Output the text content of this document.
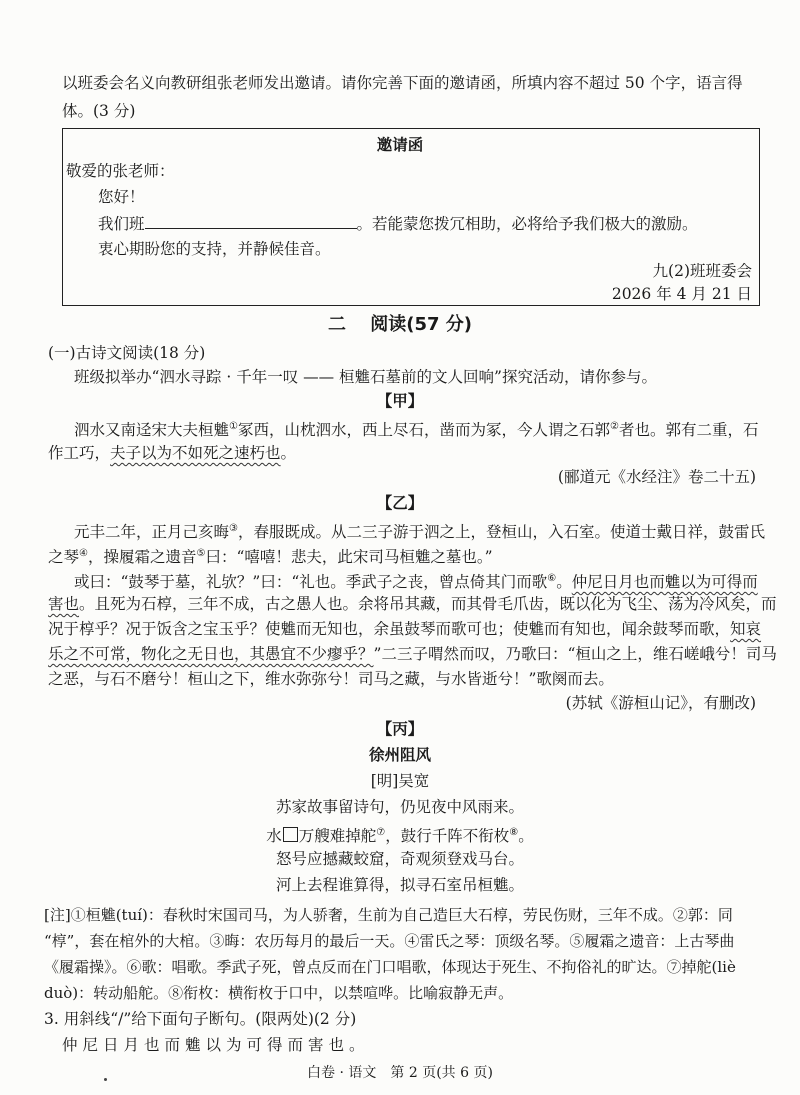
以班委会名义向教研组张老师发出邀请。请你完善下面的邀请函，所填内容不超过 50 个字，语言得
体。(3 分)
邀请函
敬爱的张老师：
您好！
我们班	。若能蒙您拨冗相助，必将给予我们极大的激励。
衷心期盼您的支持，并静候佳音。
九(2)班班委会
2026 年 4 月 21 日
二　 阅读(57 分)
(一)古诗文阅读(18 分)
班级拟举办“泗水寻踪 · 千年一叹 —— 桓魋石墓前的文人回响”探究活动，请你参与。
【甲】
泗水又南迳宋大夫桓魋①冢西，山枕泗水，西上尽石，凿而为冢，今人谓之石郭②者也。郭有二重，石
作工巧，夫子以为不如死之速朽也。
(郦道元《水经注》卷二十五)
【乙】
元丰二年，正月己亥晦③，春服既成。从二三子游于泗之上，登桓山，入石室。使道士戴日祥，鼓雷氏
之琴④，操履霜之遗音⑤曰：“嘻嘻！悲夫，此宋司马桓魋之墓也。”
或曰：“鼓琴于墓，礼欤？”曰：“礼也。季武子之丧，曾点倚其门而歌⑥。仲尼日月也而魋以为可得而
害也。且死为石椁，三年不成，古之愚人也。余将吊其藏，而其骨毛爪齿，既以化为飞尘、荡为冷风矣，而
况于椁乎？况于饭含之宝玉乎？使魋而无知也，余虽鼓琴而歌可也；使魋而有知也，闻余鼓琴而歌，知哀
乐之不可常，物化之无日也，其愚宜不少瘳乎？”二三子喟然而叹，乃歌曰：“桓山之上，维石嵯峨兮！司马
之恶，与石不磨兮！桓山之下，维水弥弥兮！司马之藏，与水皆逝兮！”歌阕而去。
(苏轼《游桓山记》，有删改)
【丙】
徐州阻风
[明]吴宽
苏家故事留诗句，仍见夜中风雨来。
水 万艘难掉舵⑦，鼓行千阵不衔枚⑧。
怒号应撼藏蛟窟，奇观须登戏马台。
河上去程谁算得，拟寻石室吊桓魋。
[注]①桓魋(tuí)：春秋时宋国司马，为人骄奢，生前为自己造巨大石椁，劳民伤财，三年不成。②郭：同
“椁”，套在棺外的大棺。③晦：农历每月的最后一天。④雷氏之琴：顶级名琴。⑤履霜之遗音：上古琴曲
《履霜操》。⑥歌：唱歌。季武子死，曾点反而在门口唱歌，体现达于死生、不拘俗礼的旷达。⑦掉舵(liè
duò)：转动船舵。⑧衔枚：横衔枚于口中，以禁喧哗。比喻寂静无声。
3. 用斜线“/”给下面句子断句。(限两处)(2 分)
仲尼日月也而魋以为可得而害也。
白卷 · 语文　第 2 页(共 6 页)
